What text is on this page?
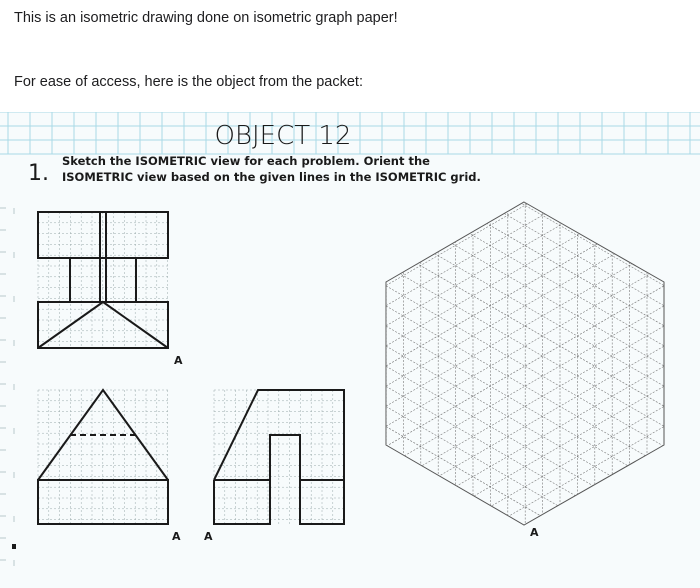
This is an isometric drawing done on isometric graph paper!
For ease of access, here is the object from the packet:
OBJECT 12
1. Sketch the ISOMETRIC view for each problem. Orient the
ISOMETRIC view based on the given lines in the ISOMETRIC grid.
A
A A	A
